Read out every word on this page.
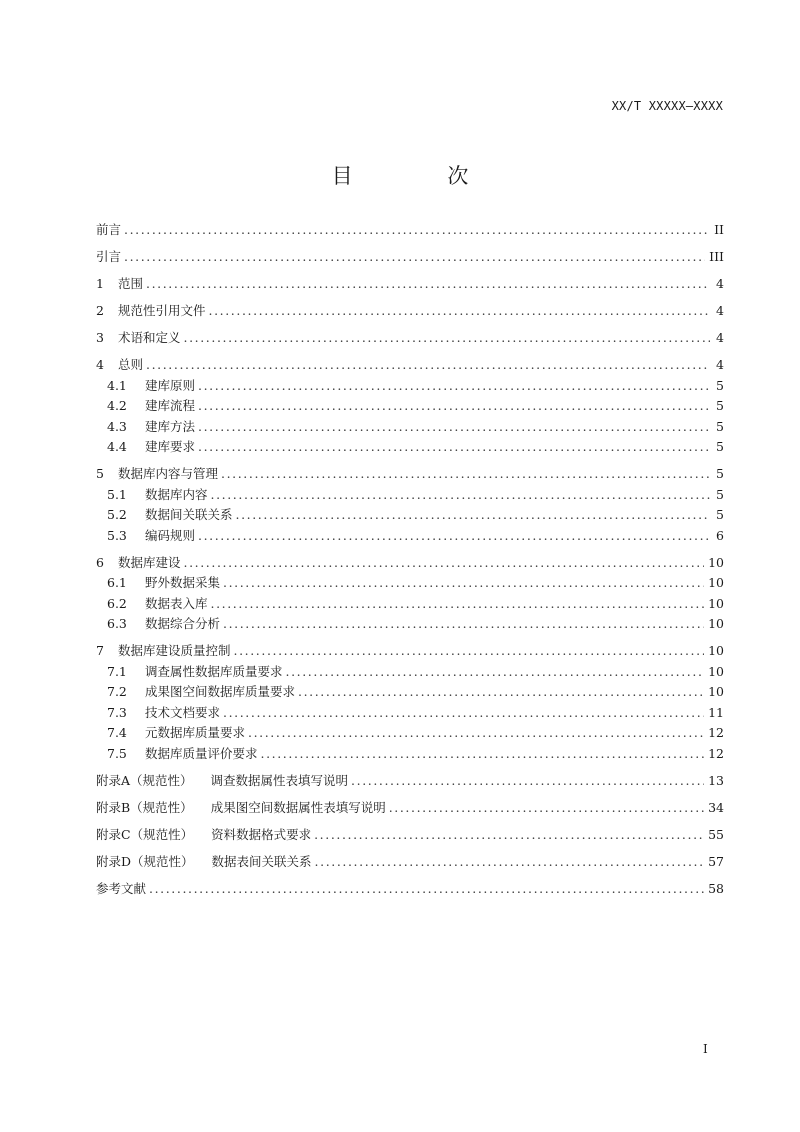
XX/T XXXXX—XXXX
目 次
前言 .....	II
引言 .....	III
1	范围 .....	4
2	规范性引用文件 .....	4
3	术语和定义 .....	4
4	总则 .....	4
4.1	建库原则 .....	5
4.2	建库流程 .....	5
4.3	建库方法 .....	5
4.4	建库要求 .....	5
5	数据库内容与管理 .....	5
5.1	数据库内容 .....	5
5.2	数据间关联关系 .....	5
5.3	编码规则 .....	6
6	数据库建设 .....	10
6.1	野外数据采集 .....	10
6.2	数据表入库 .....	10
6.3	数据综合分析 .....	10
7	数据库建设质量控制 .....	10
7.1	调查属性数据库质量要求 .....	10
7.2	成果图空间数据库质量要求 .....	10
7.3	技术文档要求 .....	11
7.4	元数据库质量要求 .....	12
7.5	数据库质量评价要求 .....	12
附录A（规范性） 调查数据属性表填写说明 .....	13
附录B（规范性） 成果图空间数据属性表填写说明 .....	34
附录C（规范性） 资料数据格式要求 .....	55
附录D（规范性） 数据表间关联关系 .....	57
参考文献 .....	58
I
